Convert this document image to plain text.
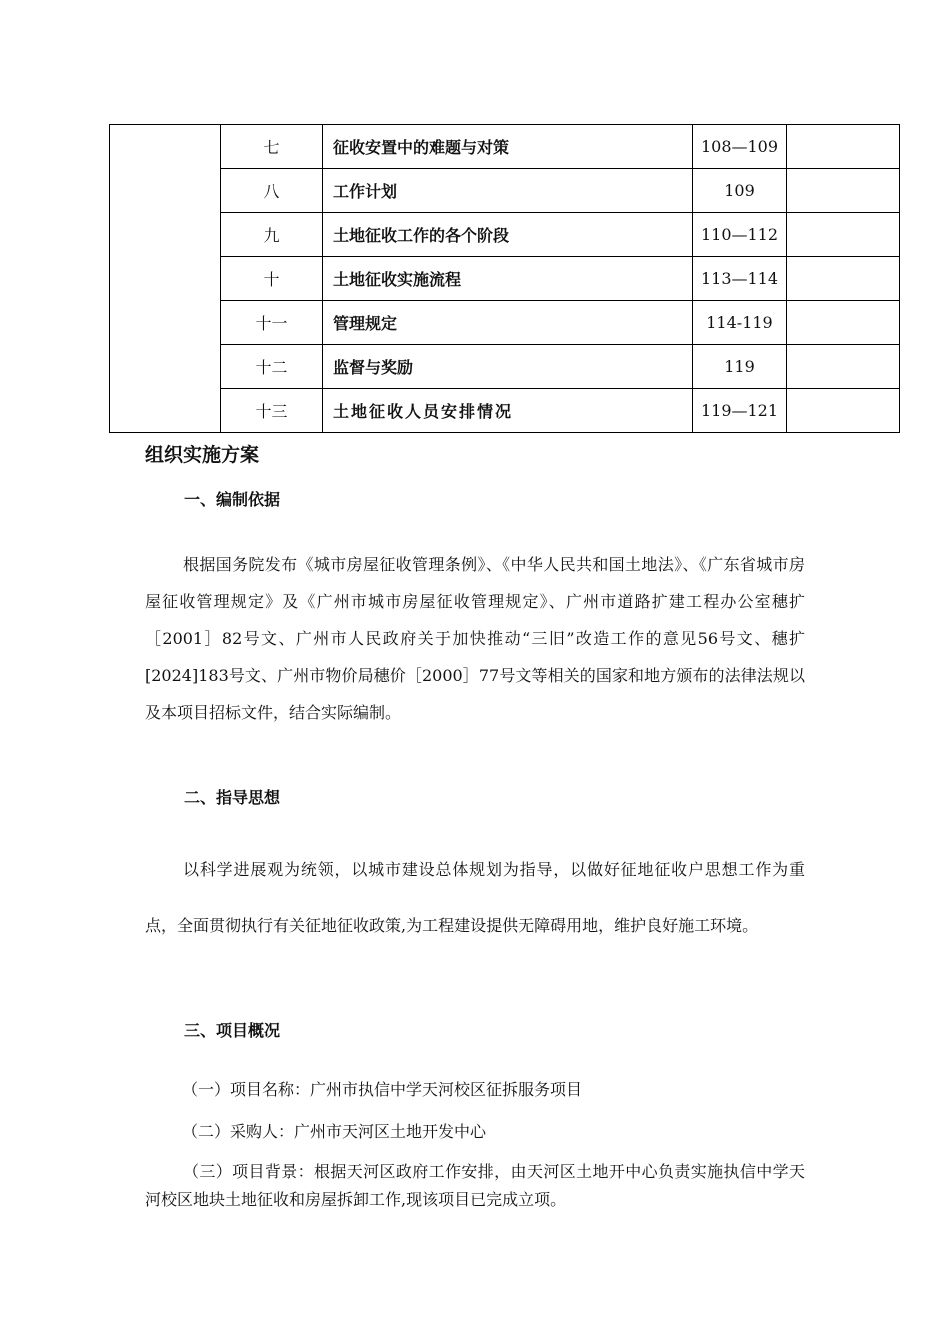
	七	征收安置中的难题与对策	108—109	
	八	工作计划	109	
	九	土地征收工作的各个阶段	110—112	
	十	土地征收实施流程	113—114	
	十一	管理规定	114-119	
	十二	监督与奖励	119	
	十三	土地征收人员安排情况	119—121	
组织实施方案
一、编制依据

根据国务院发布《城市房屋征收管理条例》、《中华人民共和国土地法》、《广东省城市房屋征收管理规定》及《广州市城市房屋征收管理规定》、广州市道路扩建工程办公室穗扩［2001］82号文、广州市人民政府关于加快推动“三旧”改造工作的意见56号文、穗扩[2024]183号文、广州市物价局穗价［2000］77号文等相关的国家和地方颁布的法律法规以及本项目招标文件，结合实际编制。

二、指导思想

以科学进展观为统领，以城市建设总体规划为指导，以做好征地征收户思想工作为重点，全面贯彻执行有关征地征收政策,为工程建设提供无障碍用地，维护良好施工环境。

三、项目概况

（一）项目名称：广州市执信中学天河校区征拆服务项目

（二）采购人：广州市天河区土地开发中心

（三）项目背景：根据天河区政府工作安排，由天河区土地开中心负责实施执信中学天河校区地块土地征收和房屋拆卸工作,现该项目已完成立项。
